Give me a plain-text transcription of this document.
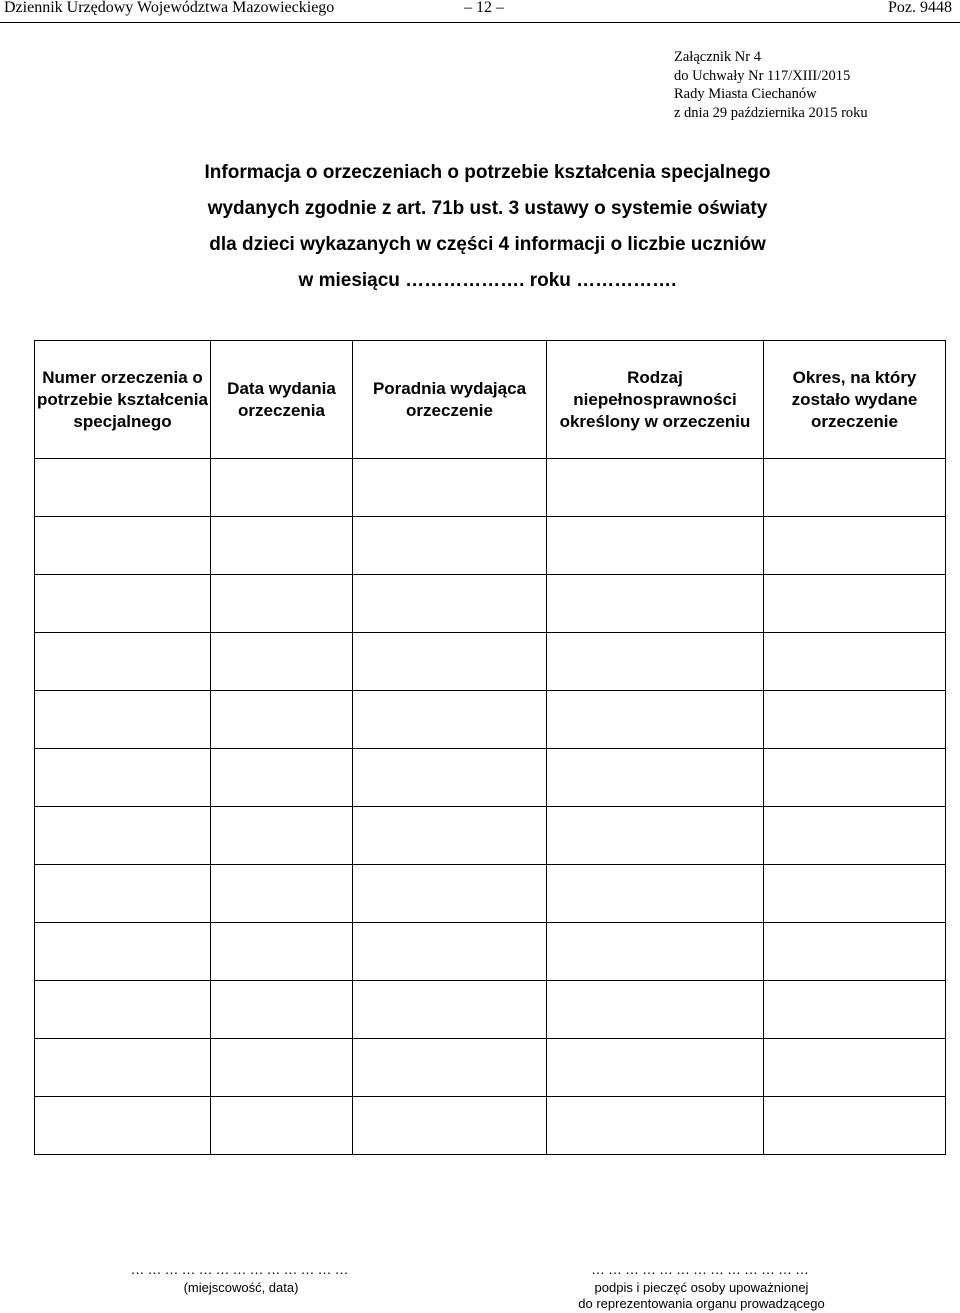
Dziennik Urzędowy Województwa Mazowieckiego	– 12 –	Poz. 9448
Załącznik Nr 4
do Uchwały Nr 117/XIII/2015
Rady Miasta Ciechanów
z dnia 29 października 2015 roku
Informacja o orzeczeniach o potrzebie kształcenia specjalnego
wydanych zgodnie z art. 71b ust. 3 ustawy o systemie oświaty
dla dzieci wykazanych w części 4 informacji o liczbie uczniów
w miesiącu ………………. roku …………….
Numer orzeczenia o potrzebie kształcenia specjalnego	Data wydania orzeczenia	Poradnia wydająca orzeczenie	Rodzaj niepełnosprawności określony w orzeczeniu	Okres, na który zostało wydane orzeczenie

…………………………………
(miejscowość, data)
…………………………………
podpis i pieczęć osoby upoważnionej
do reprezentowania organu prowadzącego
